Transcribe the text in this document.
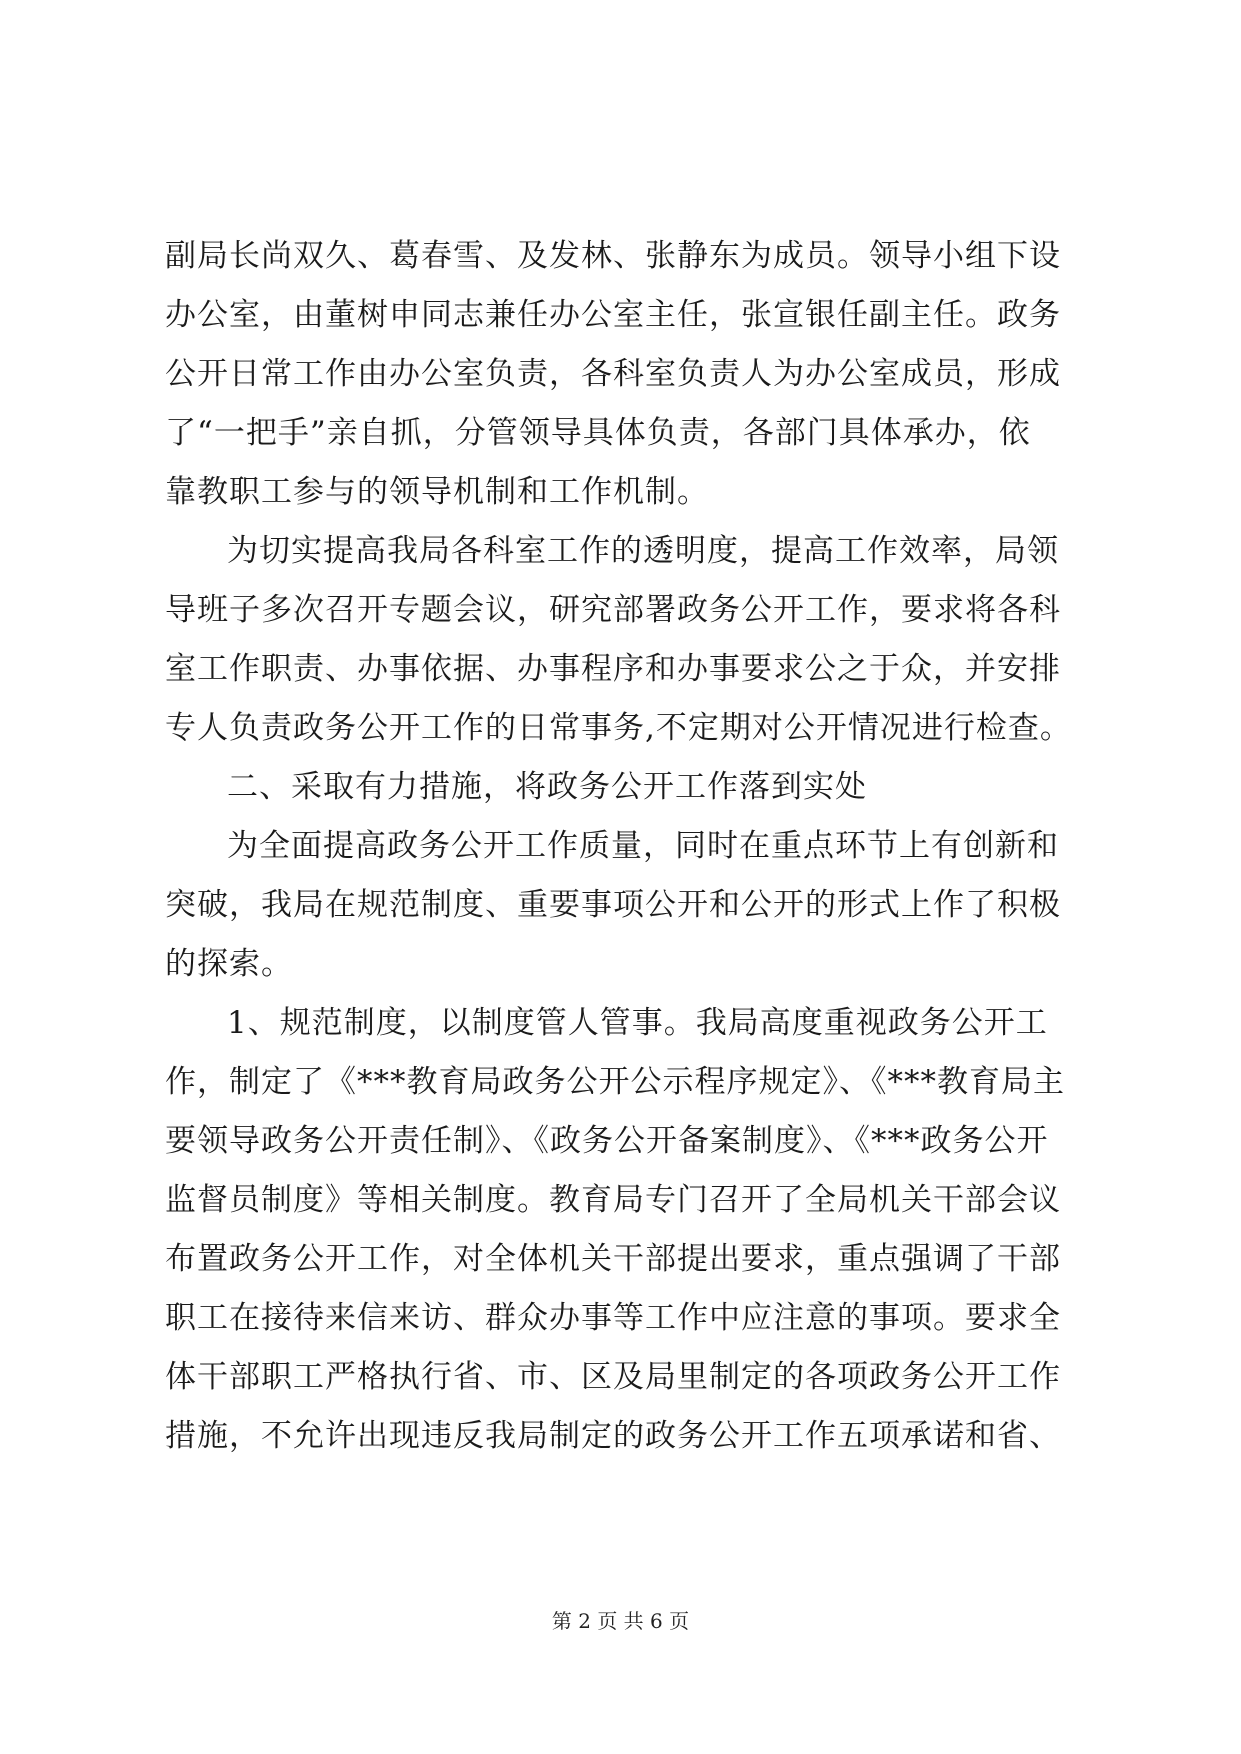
副局长尚双久、葛春雪、及发林、张静东为成员。领导小组下设
办公室，由董树申同志兼任办公室主任，张宣银任副主任。政务
公开日常工作由办公室负责，各科室负责人为办公室成员，形成
了“一把手”亲自抓，分管领导具体负责，各部门具体承办，依
靠教职工参与的领导机制和工作机制。
为切实提高我局各科室工作的透明度，提高工作效率，局领
导班子多次召开专题会议，研究部署政务公开工作，要求将各科
室工作职责、办事依据、办事程序和办事要求公之于众，并安排
专人负责政务公开工作的日常事务,不定期对公开情况进行检查。
二、采取有力措施，将政务公开工作落到实处
为全面提高政务公开工作质量，同时在重点环节上有创新和
突破，我局在规范制度、重要事项公开和公开的形式上作了积极
的探索。
1、规范制度，以制度管人管事。我局高度重视政务公开工
作，制定了《***教育局政务公开公示程序规定》、《***教育局主
要领导政务公开责任制》、《政务公开备案制度》、《***政务公开
监督员制度》等相关制度。教育局专门召开了全局机关干部会议
布置政务公开工作，对全体机关干部提出要求，重点强调了干部
职工在接待来信来访、群众办事等工作中应注意的事项。要求全
体干部职工严格执行省、市、区及局里制定的各项政务公开工作
措施，不允许出现违反我局制定的政务公开工作五项承诺和省、
第 2 页 共 6 页
